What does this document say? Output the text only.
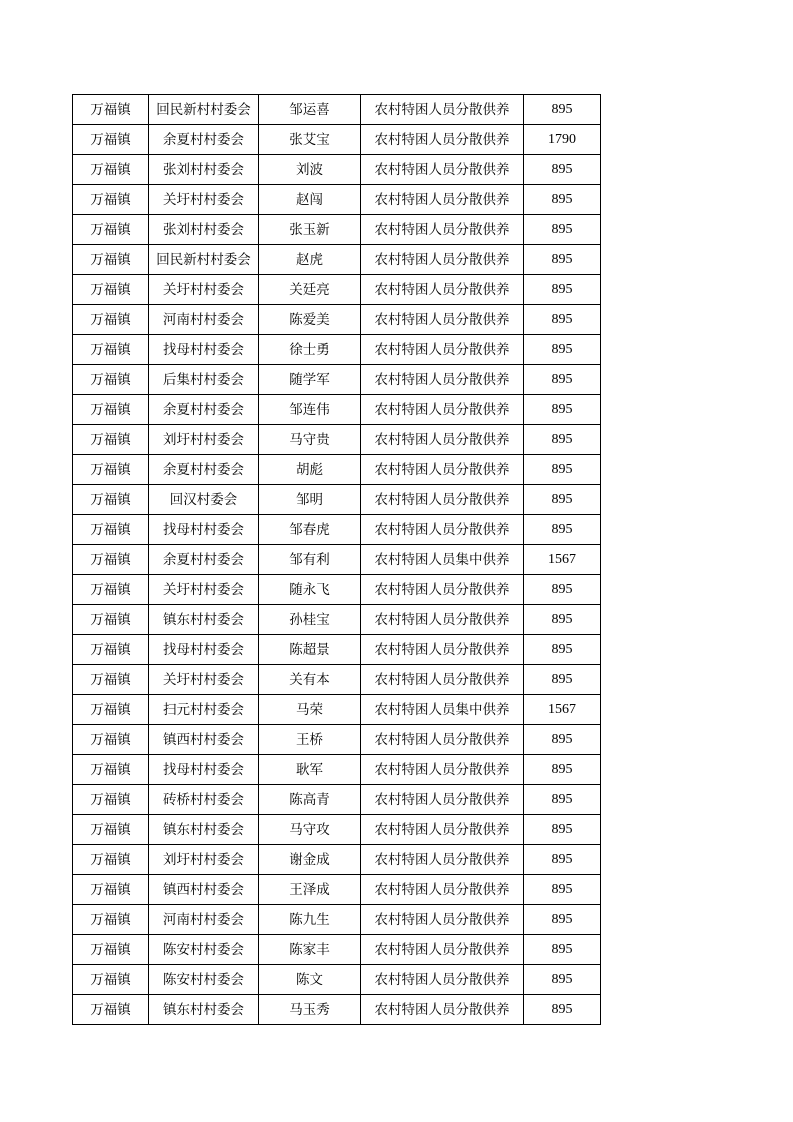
万福镇	回民新村村委会	邹运喜	农村特困人员分散供养	895
万福镇	余夏村村委会	张艾宝	农村特困人员分散供养	1790
万福镇	张刘村村委会	刘波	农村特困人员分散供养	895
万福镇	关圩村村委会	赵闯	农村特困人员分散供养	895
万福镇	张刘村村委会	张玉新	农村特困人员分散供养	895
万福镇	回民新村村委会	赵虎	农村特困人员分散供养	895
万福镇	关圩村村委会	关廷亮	农村特困人员分散供养	895
万福镇	河南村村委会	陈爱美	农村特困人员分散供养	895
万福镇	找母村村委会	徐士勇	农村特困人员分散供养	895
万福镇	后集村村委会	随学军	农村特困人员分散供养	895
万福镇	余夏村村委会	邹连伟	农村特困人员分散供养	895
万福镇	刘圩村村委会	马守贵	农村特困人员分散供养	895
万福镇	余夏村村委会	胡彪	农村特困人员分散供养	895
万福镇	回汉村委会	邹明	农村特困人员分散供养	895
万福镇	找母村村委会	邹春虎	农村特困人员分散供养	895
万福镇	余夏村村委会	邹有利	农村特困人员集中供养	1567
万福镇	关圩村村委会	随永飞	农村特困人员分散供养	895
万福镇	镇东村村委会	孙桂宝	农村特困人员分散供养	895
万福镇	找母村村委会	陈超景	农村特困人员分散供养	895
万福镇	关圩村村委会	关有本	农村特困人员分散供养	895
万福镇	扫元村村委会	马荣	农村特困人员集中供养	1567
万福镇	镇西村村委会	王桥	农村特困人员分散供养	895
万福镇	找母村村委会	耿军	农村特困人员分散供养	895
万福镇	砖桥村村委会	陈高青	农村特困人员分散供养	895
万福镇	镇东村村委会	马守攻	农村特困人员分散供养	895
万福镇	刘圩村村委会	谢金成	农村特困人员分散供养	895
万福镇	镇西村村委会	王泽成	农村特困人员分散供养	895
万福镇	河南村村委会	陈九生	农村特困人员分散供养	895
万福镇	陈安村村委会	陈家丰	农村特困人员分散供养	895
万福镇	陈安村村委会	陈文	农村特困人员分散供养	895
万福镇	镇东村村委会	马玉秀	农村特困人员分散供养	895
